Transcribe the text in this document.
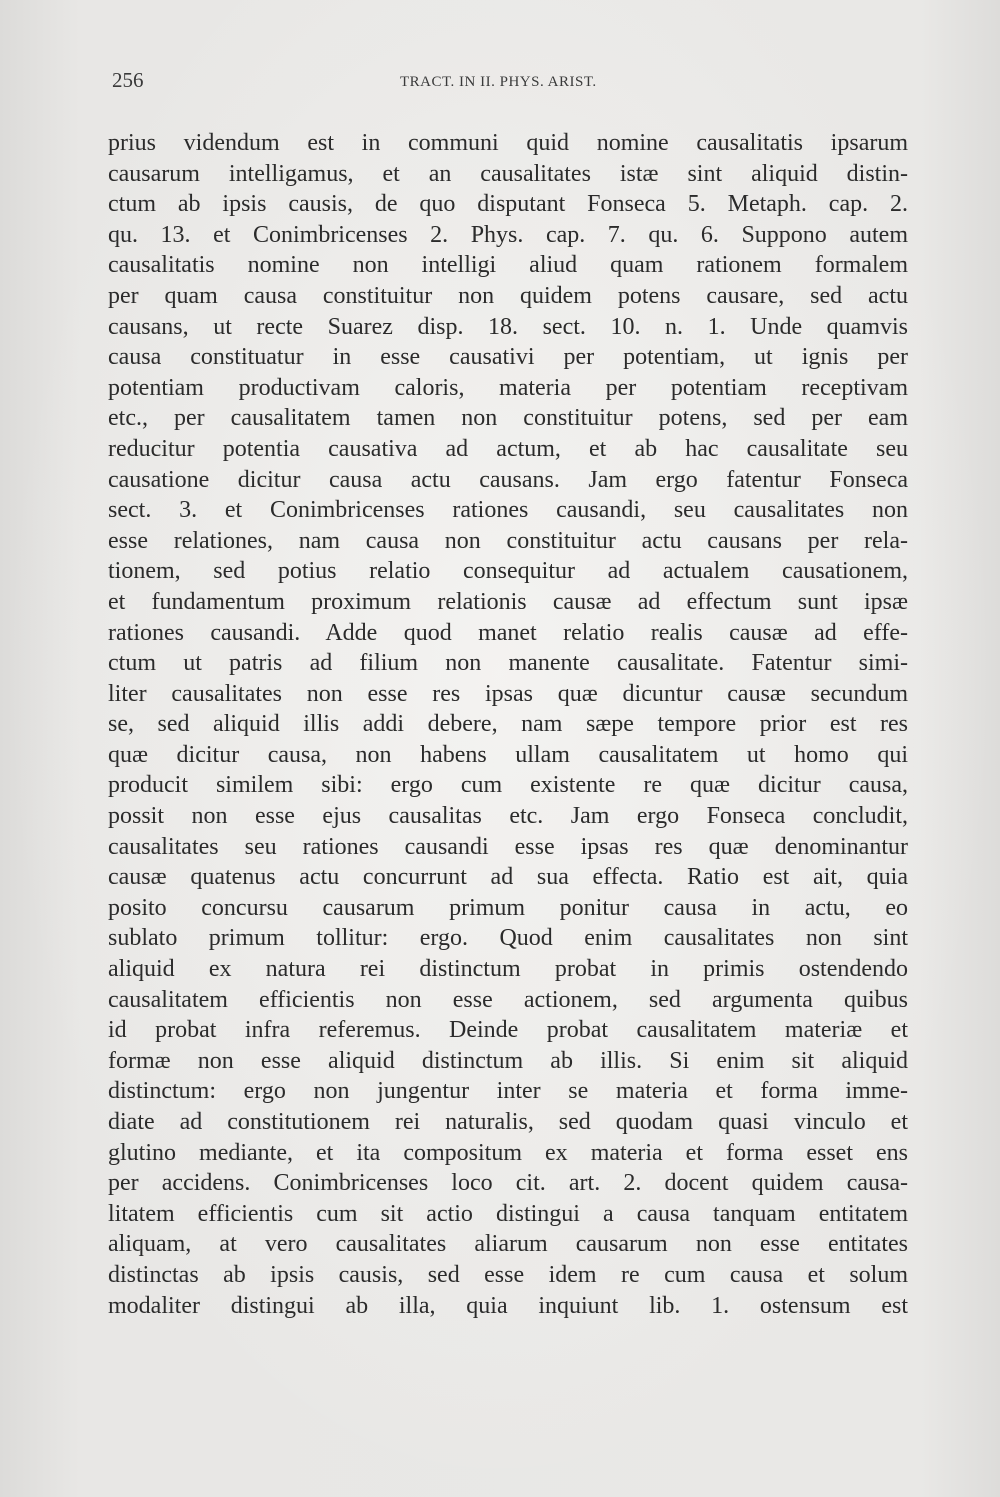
256	TRACT. IN II. PHYS. ARIST.
prius videndum est in communi quid nomine causalitatis ipsarum
causarum intelligamus, et an causalitates istæ sint aliquid distin-
ctum ab ipsis causis, de quo disputant Fonseca 5. Metaph. cap. 2.
qu. 13. et Conimbricenses 2. Phys. cap. 7. qu. 6. Suppono autem
causalitatis nomine non intelligi aliud quam rationem formalem
per quam causa constituitur non quidem potens causare, sed actu
causans, ut recte Suarez disp. 18. sect. 10. n. 1. Unde quamvis
causa constituatur in esse causativi per potentiam, ut ignis per
potentiam productivam caloris, materia per potentiam receptivam
etc., per causalitatem tamen non constituitur potens, sed per eam
reducitur potentia causativa ad actum, et ab hac causalitate seu
causatione dicitur causa actu causans. Jam ergo fatentur Fonseca
sect. 3. et Conimbricenses rationes causandi, seu causalitates non
esse relationes, nam causa non constituitur actu causans per rela-
tionem, sed potius relatio consequitur ad actualem causationem,
et fundamentum proximum relationis causæ ad effectum sunt ipsæ
rationes causandi. Adde quod manet relatio realis causæ ad effe-
ctum ut patris ad filium non manente causalitate. Fatentur simi-
liter causalitates non esse res ipsas quæ dicuntur causæ secundum
se, sed aliquid illis addi debere, nam sæpe tempore prior est res
quæ dicitur causa, non habens ullam causalitatem ut homo qui
producit similem sibi: ergo cum existente re quæ dicitur causa,
possit non esse ejus causalitas etc. Jam ergo Fonseca concludit,
causalitates seu rationes causandi esse ipsas res quæ denominantur
causæ quatenus actu concurrunt ad sua effecta. Ratio est ait, quia
posito concursu causarum primum ponitur causa in actu, eo
sublato primum tollitur: ergo. Quod enim causalitates non sint
aliquid ex natura rei distinctum probat in primis ostendendo
causalitatem efficientis non esse actionem, sed argumenta quibus
id probat infra referemus. Deinde probat causalitatem materiæ et
formæ non esse aliquid distinctum ab illis. Si enim sit aliquid
distinctum: ergo non jungentur inter se materia et forma imme-
diate ad constitutionem rei naturalis, sed quodam quasi vinculo et
glutino mediante, et ita compositum ex materia et forma esset ens
per accidens. Conimbricenses loco cit. art. 2. docent quidem causa-
litatem efficientis cum sit actio distingui a causa tanquam entitatem
aliquam, at vero causalitates aliarum causarum non esse entitates
distinctas ab ipsis causis, sed esse idem re cum causa et solum
modaliter distingui ab illa, quia inquiunt lib. 1. ostensum est
